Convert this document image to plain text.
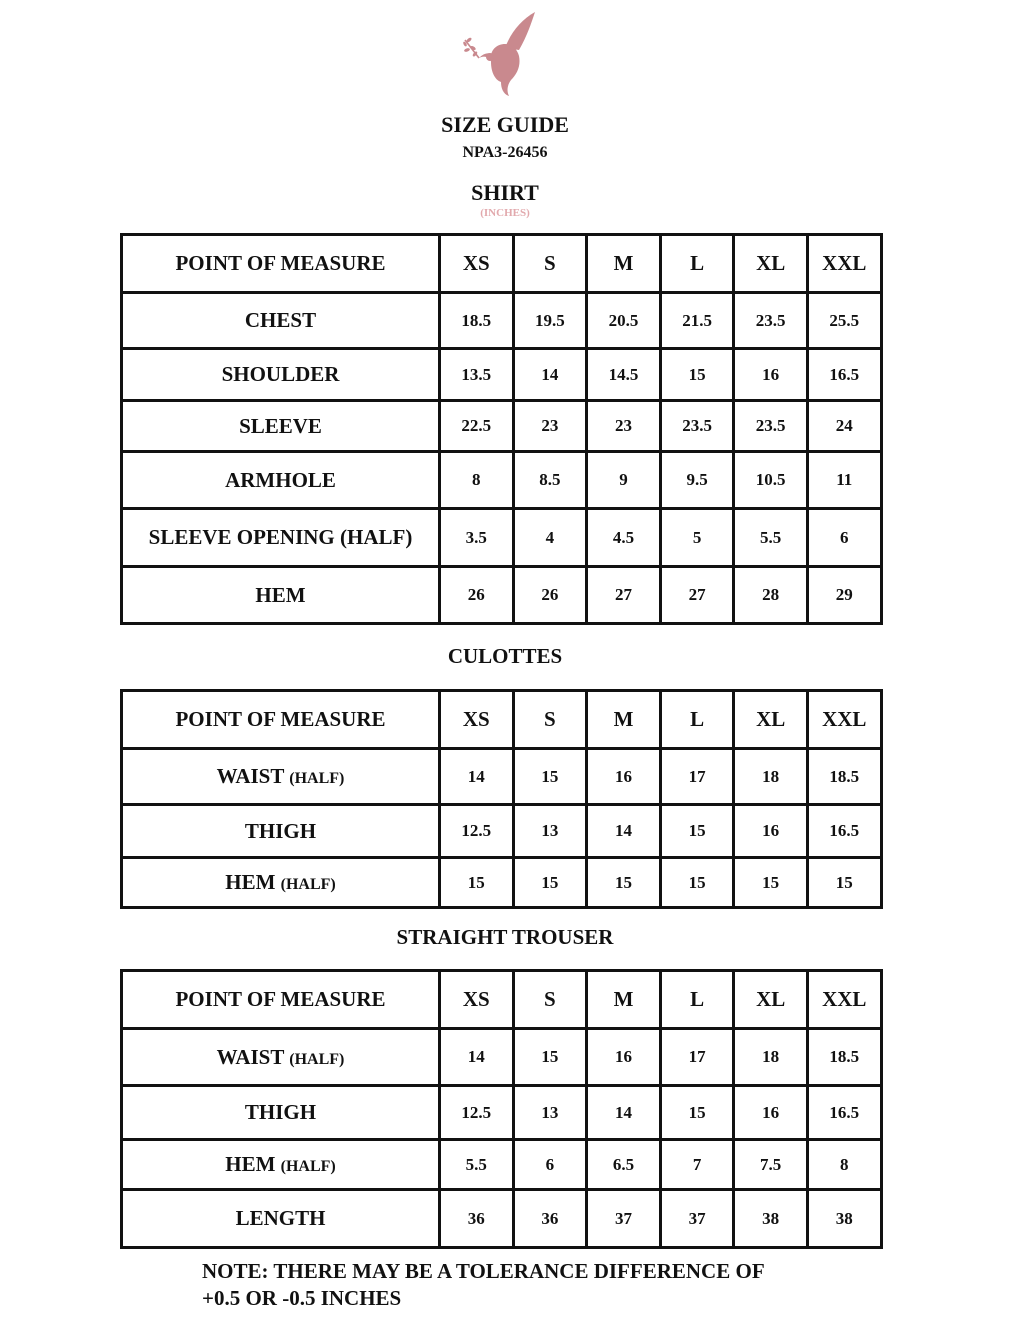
SIZE GUIDE
NPA3-26456
SHIRT
(INCHES)
POINT OF MEASURE	XS	S	M	L	XL	XXL
CHEST	18.5	19.5	20.5	21.5	23.5	25.5
SHOULDER	13.5	14	14.5	15	16	16.5
SLEEVE	22.5	23	23	23.5	23.5	24
ARMHOLE	8	8.5	9	9.5	10.5	11
SLEEVE OPENING (HALF)	3.5	4	4.5	5	5.5	6
HEM	26	26	27	27	28	29
CULOTTES
POINT OF MEASURE	XS	S	M	L	XL	XXL
WAIST (HALF)	14	15	16	17	18	18.5
THIGH	12.5	13	14	15	16	16.5
HEM (HALF)	15	15	15	15	15	15
STRAIGHT TROUSER
POINT OF MEASURE	XS	S	M	L	XL	XXL
WAIST (HALF)	14	15	16	17	18	18.5
THIGH	12.5	13	14	15	16	16.5
HEM (HALF)	5.5	6	6.5	7	7.5	8
LENGTH	36	36	37	37	38	38
NOTE: THERE MAY BE A TOLERANCE DIFFERENCE OF
+0.5 OR -0.5 INCHES
